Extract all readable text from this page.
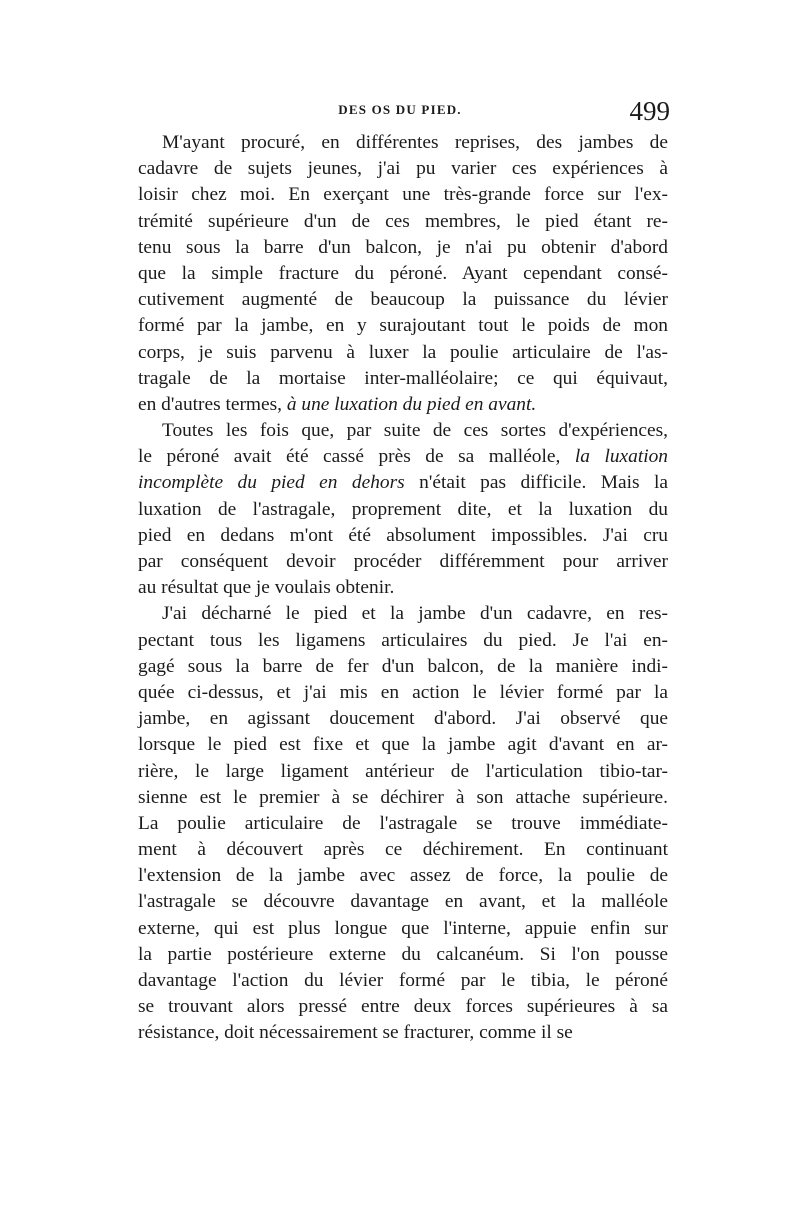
DES OS DU PIED.	499
M'ayant procuré, en différentes reprises, des jambes de
cadavre de sujets jeunes, j'ai pu varier ces expériences à
loisir chez moi. En exerçant une très-grande force sur l'ex-
trémité supérieure d'un de ces membres, le pied étant re-
tenu sous la barre d'un balcon, je n'ai pu obtenir d'abord
que la simple fracture du péroné. Ayant cependant consé-
cutivement augmenté de beaucoup la puissance du lévier
formé par la jambe, en y surajoutant tout le poids de mon
corps, je suis parvenu à luxer la poulie articulaire de l'as-
tragale de la mortaise inter-malléolaire; ce qui équivaut,
en d'autres termes, à une luxation du pied en avant.
Toutes les fois que, par suite de ces sortes d'expériences,
le péroné avait été cassé près de sa malléole, la luxation
incomplète du pied en dehors n'était pas difficile. Mais la
luxation de l'astragale, proprement dite, et la luxation du
pied en dedans m'ont été absolument impossibles. J'ai cru
par conséquent devoir procéder différemment pour arriver
au résultat que je voulais obtenir.
J'ai décharné le pied et la jambe d'un cadavre, en res-
pectant tous les ligamens articulaires du pied. Je l'ai en-
gagé sous la barre de fer d'un balcon, de la manière indi-
quée ci-dessus, et j'ai mis en action le lévier formé par la
jambe, en agissant doucement d'abord. J'ai observé que
lorsque le pied est fixe et que la jambe agit d'avant en ar-
rière, le large ligament antérieur de l'articulation tibio-tar-
sienne est le premier à se déchirer à son attache supérieure.
La poulie articulaire de l'astragale se trouve immédiate-
ment à découvert après ce déchirement. En continuant
l'extension de la jambe avec assez de force, la poulie de
l'astragale se découvre davantage en avant, et la malléole
externe, qui est plus longue que l'interne, appuie enfin sur
la partie postérieure externe du calcanéum. Si l'on pousse
davantage l'action du lévier formé par le tibia, le péroné
se trouvant alors pressé entre deux forces supérieures à sa
résistance, doit nécessairement se fracturer, comme il se
